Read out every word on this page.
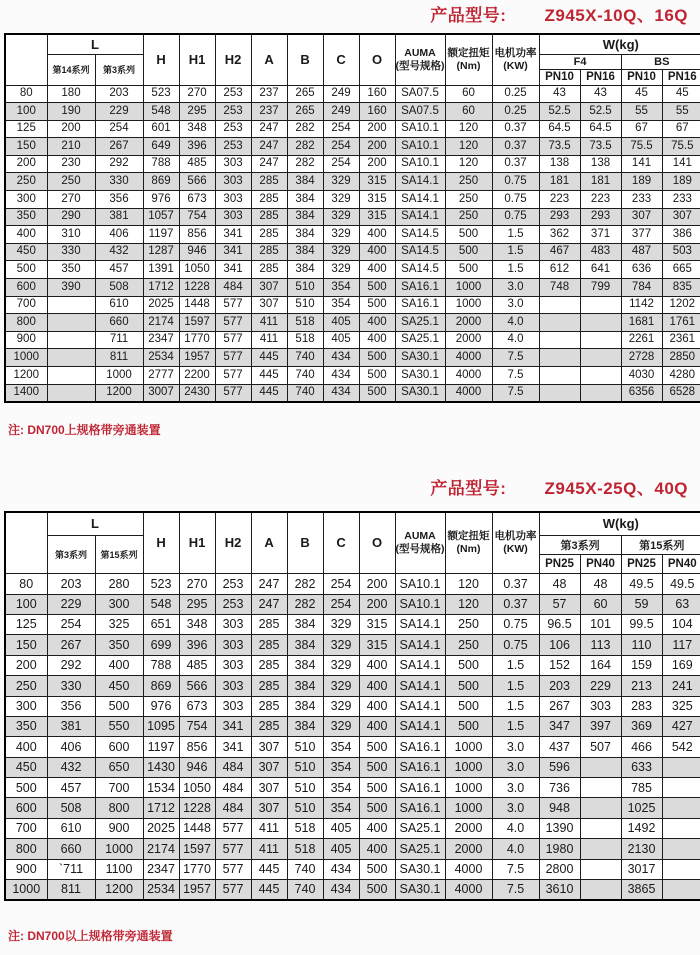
产品型号: Z945X-10Q、16Q
DN	L		H	H1	H2	A	B	C	O	AUMA
(型号规格)	额定扭矩
(Nm)	电机功率
(KW)	W(kg)			
	第14系列	第3系列											F4		BS	
													PN10	PN16	PN10	PN16
80	180	203	523	270	253	237	265	249	160	SA07.5	60	0.25	43	43	45	45
100	190	229	548	295	253	237	265	249	160	SA07.5	60	0.25	52.5	52.5	55	55
125	200	254	601	348	253	247	282	254	200	SA10.1	120	0.37	64.5	64.5	67	67
150	210	267	649	396	253	247	282	254	200	SA10.1	120	0.37	73.5	73.5	75.5	75.5
200	230	292	788	485	303	247	282	254	200	SA10.1	120	0.37	138	138	141	141
250	250	330	869	566	303	285	384	329	315	SA14.1	250	0.75	181	181	189	189
300	270	356	976	673	303	285	384	329	315	SA14.1	250	0.75	223	223	233	233
350	290	381	1057	754	303	285	384	329	315	SA14.1	250	0.75	293	293	307	307
400	310	406	1197	856	341	285	384	329	400	SA14.5	500	1.5	362	371	377	386
450	330	432	1287	946	341	285	384	329	400	SA14.5	500	1.5	467	483	487	503
500	350	457	1391	1050	341	285	384	329	400	SA14.5	500	1.5	612	641	636	665
600	390	508	1712	1228	484	307	510	354	500	SA16.1	1000	3.0	748	799	784	835
700		610	2025	1448	577	307	510	354	500	SA16.1	1000	3.0			1142	1202
800		660	2174	1597	577	411	518	405	400	SA25.1	2000	4.0			1681	1761
900		711	2347	1770	577	411	518	405	400	SA25.1	2000	4.0			2261	2361
1000		811	2534	1957	577	445	740	434	500	SA30.1	4000	7.5			2728	2850
1200		1000	2777	2200	577	445	740	434	500	SA30.1	4000	7.5			4030	4280
1400		1200	3007	2430	577	445	740	434	500	SA30.1	4000	7.5			6356	6528
注: DN700上规格带旁通装置
产品型号: Z945X-25Q、40Q
DN	L		H	H1	H2	A	B	C	O	AUMA
(型号规格)	额定扭矩
(Nm)	电机功率
(KW)	W(kg)			
	第3系列	第15系列											第3系列		第15系列	
													PN25	PN40	PN25	PN40
80	203	280	523	270	253	247	282	254	200	SA10.1	120	0.37	48	48	49.5	49.5
100	229	300	548	295	253	247	282	254	200	SA10.1	120	0.37	57	60	59	63
125	254	325	651	348	303	285	384	329	315	SA14.1	250	0.75	96.5	101	99.5	104
150	267	350	699	396	303	285	384	329	315	SA14.1	250	0.75	106	113	110	117
200	292	400	788	485	303	285	384	329	400	SA14.1	500	1.5	152	164	159	169
250	330	450	869	566	303	285	384	329	400	SA14.1	500	1.5	203	229	213	241
300	356	500	976	673	303	285	384	329	400	SA14.1	500	1.5	267	303	283	325
350	381	550	1095	754	341	285	384	329	400	SA14.1	500	1.5	347	397	369	427
400	406	600	1197	856	341	307	510	354	500	SA16.1	1000	3.0	437	507	466	542
450	432	650	1430	946	484	307	510	354	500	SA16.1	1000	3.0	596		633	
500	457	700	1534	1050	484	307	510	354	500	SA16.1	1000	3.0	736		785	
600	508	800	1712	1228	484	307	510	354	500	SA16.1	1000	3.0	948		1025	
700	610	900	2025	1448	577	411	518	405	400	SA25.1	2000	4.0	1390		1492	
800	660	1000	2174	1597	577	411	518	405	400	SA25.1	2000	4.0	1980		2130	
900	`711	1100	2347	1770	577	445	740	434	500	SA30.1	4000	7.5	2800		3017	
1000	811	1200	2534	1957	577	445	740	434	500	SA30.1	4000	7.5	3610		3865	
注: DN700以上规格带旁通装置
